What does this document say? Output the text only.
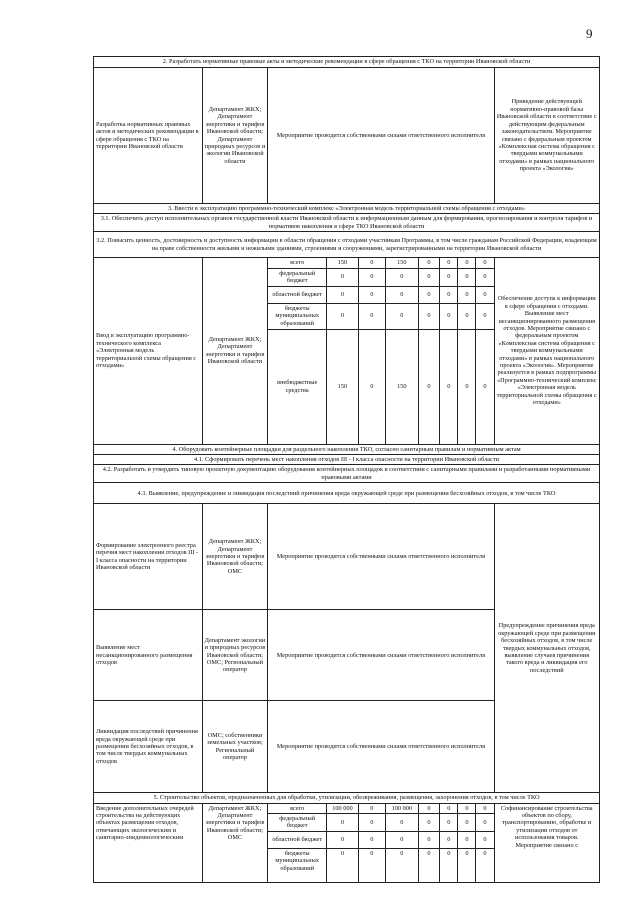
9
2. Разработать нормативные правовые акты и методические рекомендации в сфере обращения с ТКО на территории Ивановской области										
Разработка нормативных правовых актов и методических рекомендации в сфере обращения с ТКО на территории Ивановской области	Департамент ЖКХ; Департамент энергетики и тарифов Ивановской области; Департамент природных ресурсов и экологии Ивановской области	Мероприятие проводится собственными силами ответственного исполнителя								Приведение действующей нормативно-правовой базы Ивановской области в соответствие с действующим федеральным законодательством. Мероприятие связано с федеральным проектом «Комплексная система обращения с твердыми коммунальными отходами» в рамках национального проекта «Экология»
3. Ввести в эксплуатацию программно-технический комплекс «Электронная модель территориальной схемы обращения с отходами»										
3.1. Обеспечить доступ исполнительных органов государственной власти Ивановской области к информационным данным для формирования, прогнозирования и контроля тарифов и нормативов накопления в сфере ТКО Ивановской области										
3.2. Повысить ценность, достоверность и доступность информации в области обращения с отходами участникам Программы, в том числе гражданам Российской Федерации, владеющим на праве собственности жилыми и нежилыми зданиями, строениями и сооружениями, зарегистрированными на территории Ивановской области										
Ввод в эксплуатацию программно-технического комплекса «Электронная модель территориальной схемы обращения с отходами»	Департамент ЖКХ; Департамент энергетики и тарифов Ивановской области	всего	150	0	150	0	0	0	0	Обеспечение доступа к информации в сфере обращения с отходами. Выявление мест несанкционированного размещения отходов. Мероприятие связано с федеральным проектом «Комплексная система обращения с твердыми коммунальными отходами» в рамках национального проекта «Экология». Мероприятие реализуется в рамках подпрограммы «Программно-технический комплекс «Электронная модель территориальной схемы обращения с отходами»
		федеральный бюджет	0	0	0	0	0	0	0	
		областной бюджет	0	0	0	0	0	0	0	
		бюджеты муниципальных образований	0	0	0	0	0	0	0	
		внебюджетные средства	150	0	150	0	0	0	0	
4. Оборудовать контейнерные площадки для раздельного накопления ТКО, согласно санитарным правилам и нормативным актам										
4.1. Сформировать перечень мест накопления отходов III - I класса опасности на территории Ивановской области										
4.2. Разработать и утвердить типовую проектную документацию оборудования контейнерных площадок в соответствии с санитарными правилами и разработанными нормативными правовыми актами										
4.3. Выявление, предупреждение и ликвидация последствий причинения вреда окружающей среде при размещении бесхозяйных отходов, в том числе ТКО										
Формирование электронного реестра перечня мест накопления отходов III - I класса опасности на территории Ивановской области	Департамент ЖКХ; Департамент энергетики и тарифов Ивановской области; ОМС	Мероприятие проводится собственными силами ответственного исполнителя								Предупреждение причинения вреда окружающей среде при размещении бесхозяйных отходов, в том числе твердых коммунальных отходов, выявление случаев причинения такого вреда и ликвидация его последствий
Выявление мест несанкционированного размещения отходов	Департамент экологии и природных ресурсов Ивановской области; ОМС; Региональный оператор	Мероприятие проводится собственными силами ответственного исполнителя								
Ликвидация последствий причинения вреда окружающей среде при размещении бесхозяйных отходов, в том числе твердых коммунальных отходов	ОМС; собственники земельных участков; Региональный оператор	Мероприятие проводится собственными силами ответственного исполнителя								
5. Строительство объектов, предназначенных для обработки, утилизации, обезвреживания, размещения, захоронения отходов, в том числе ТКО										
Введение дополнительных очередей строительства на действующих объектах размещения отходов, отвечающих экологическим и санитарно-эпидемиологическим	Департамент ЖКХ; Департамент энергетики и тарифов Ивановской области; ОМС	всего	100 000	0	100 000	0	0	0	0	Софинансирование строительства объектов по сбору, транспортированию, обработке и утилизации отходов от использования товаров. Мероприятие связано с
		федеральный бюджет	0	0	0	0	0	0	0	
		областной бюджет	0	0	0	0	0	0	0	
		бюджеты муниципальных образований	0	0	0	0	0	0	0	
